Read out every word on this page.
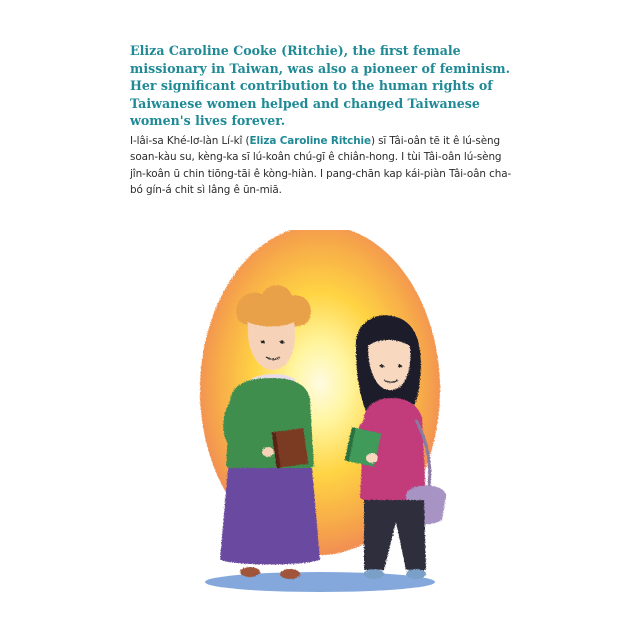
Eliza Caroline Cooke (Ritchie), the first female missionary in Taiwan, was also a pioneer of feminism. Her significant contribution to the human rights of Taiwanese women helped and changed Taiwanese women's lives forever.

I-lâi-sa Khé-lơ-làn Lí-kî (Eliza Caroline Ritchie) sī Tâi-oân tē it ê lú-sèng soan-kàu su, kèng-ka sī lú-koân chú-gī ê chiân-hong. I tùi Tâi-oân lú-sèng jîn-koân ū chin tiōng-tāi ê kòng-hiàn. I pang-chān kap kái-piàn Tâi-oân cha-bó gín-á chit sì lâng ê ūn-miā.
